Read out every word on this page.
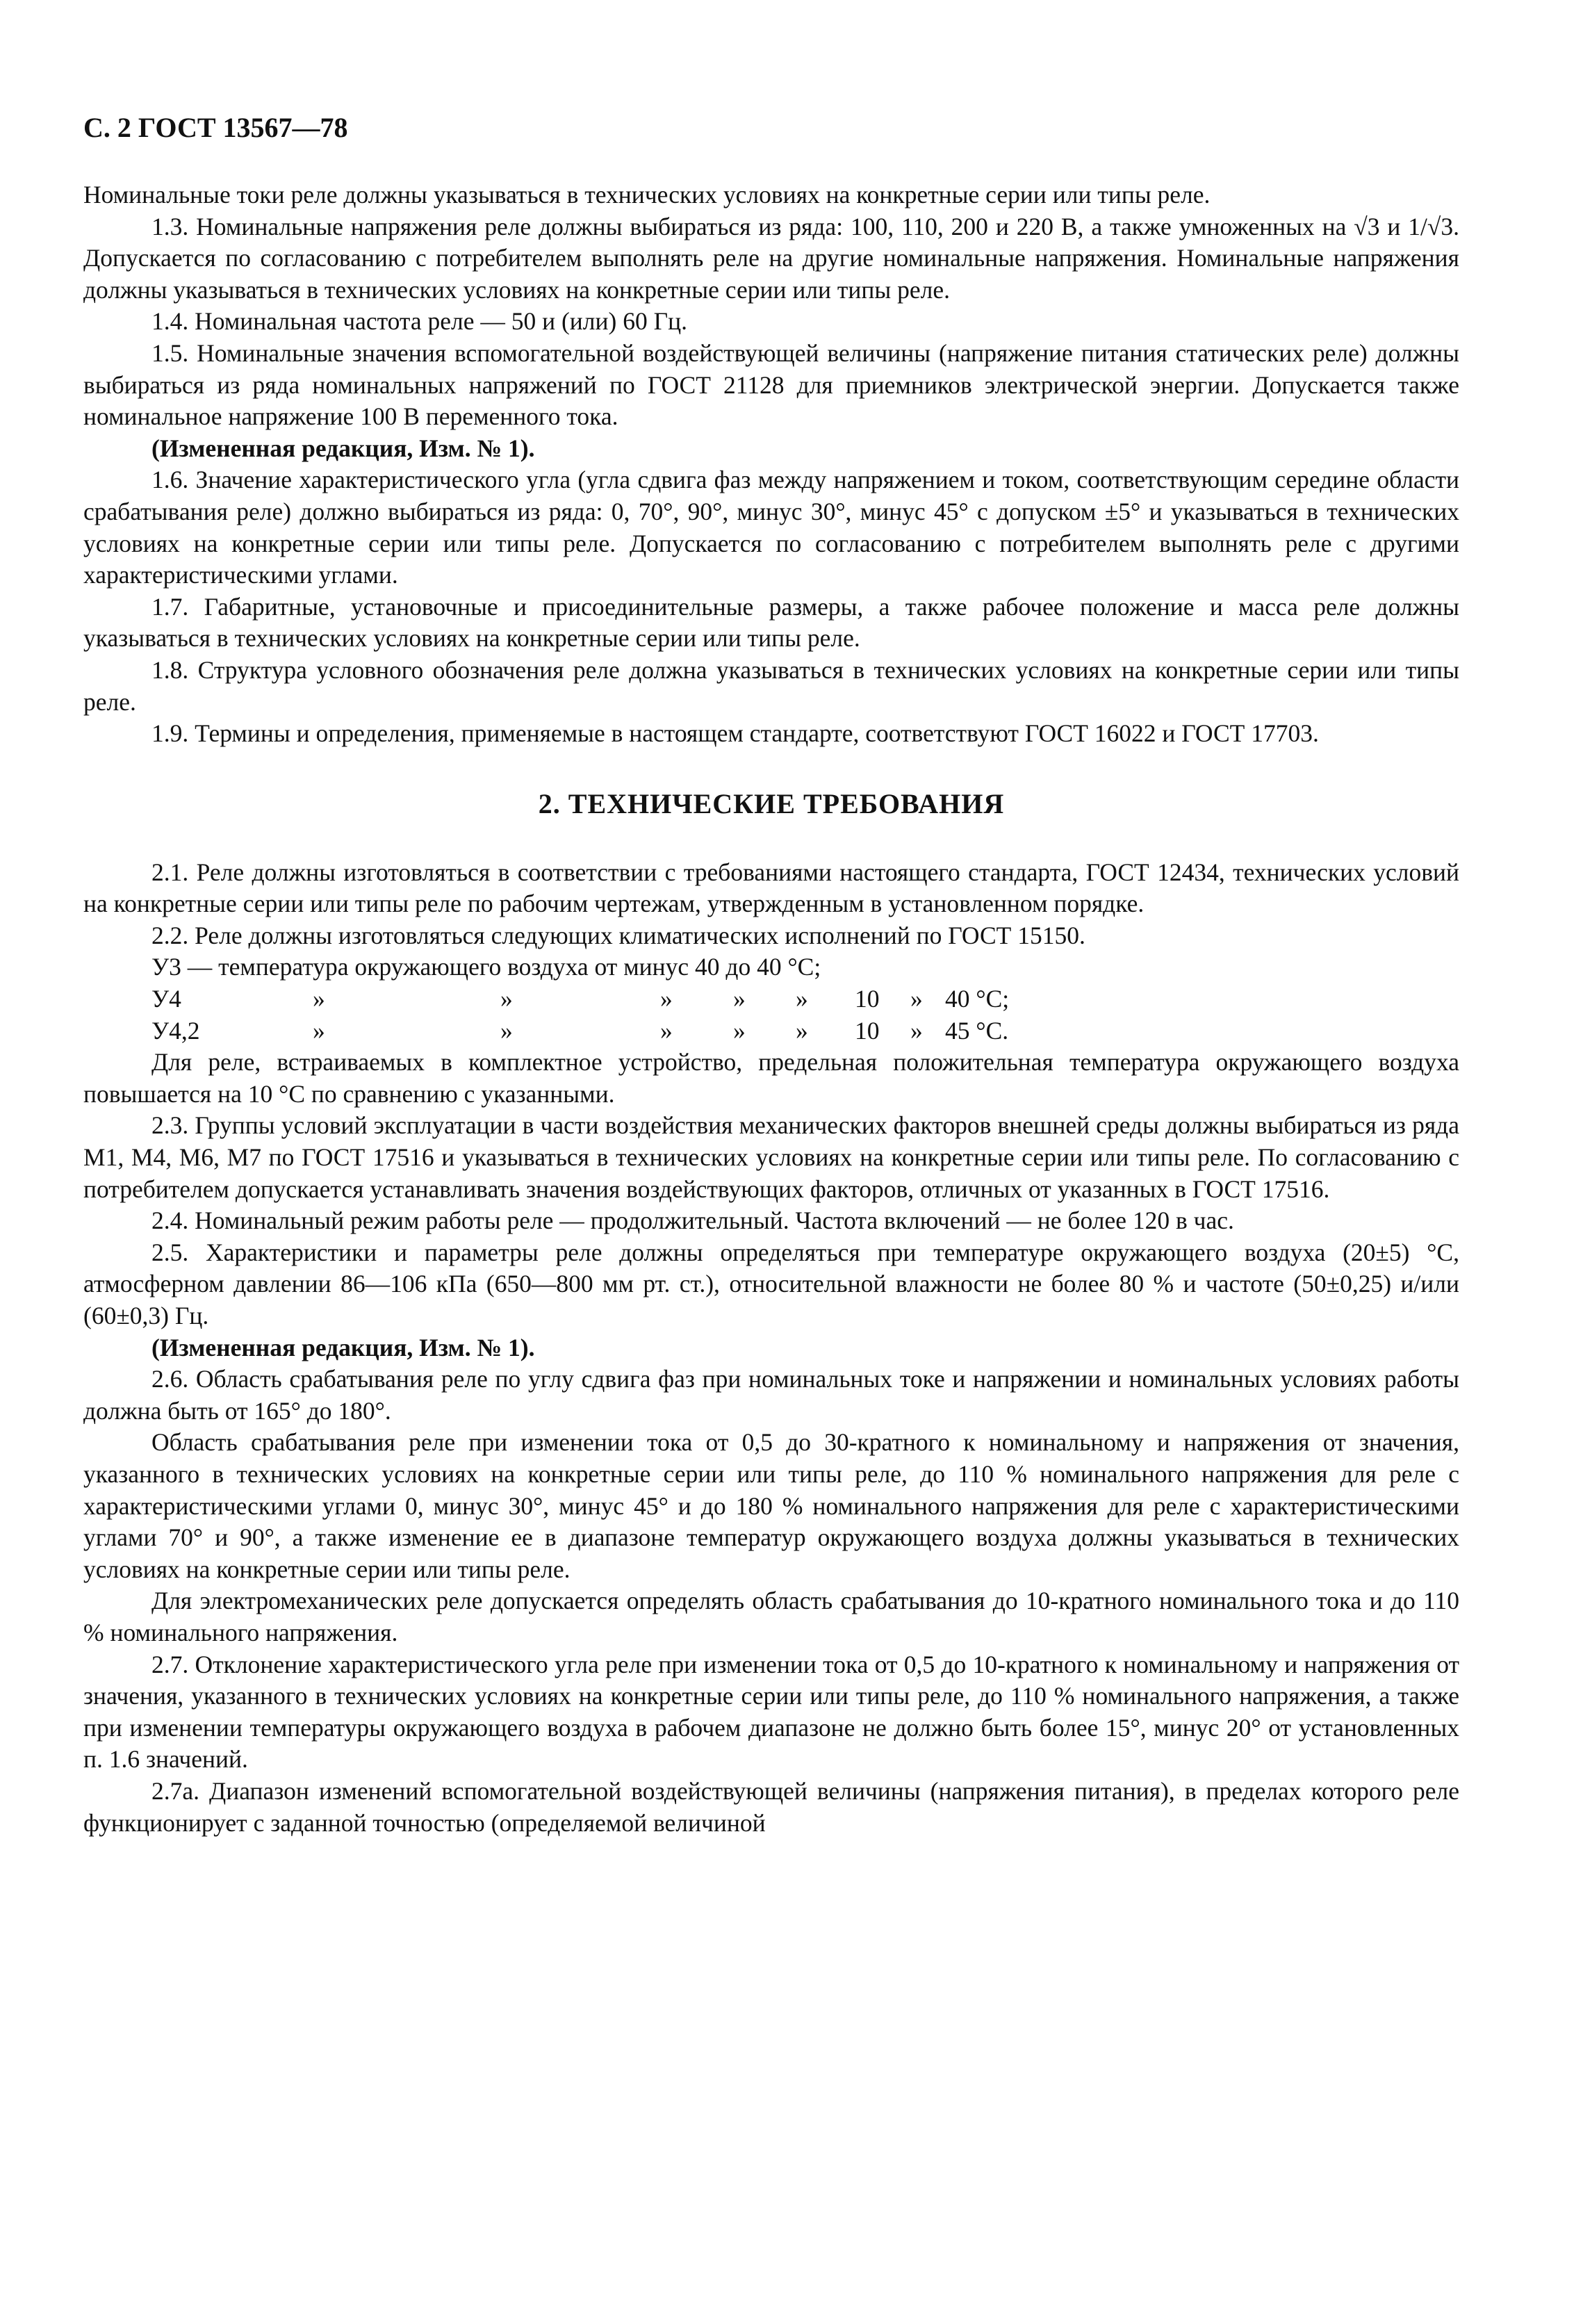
С. 2 ГОСТ 13567—78

Номинальные токи реле должны указываться в технических условиях на конкретные серии или типы реле.

1.3. Номинальные напряжения реле должны выбираться из ряда: 100, 110, 200 и 220 В, а также умноженных на √3 и 1/√3. Допускается по согласованию с потребителем выполнять реле на другие номинальные напряжения. Номинальные напряжения должны указываться в технических условиях на конкретные серии или типы реле.

1.4. Номинальная частота реле — 50 и (или) 60 Гц.

1.5. Номинальные значения вспомогательной воздействующей величины (напряжение питания статических реле) должны выбираться из ряда номинальных напряжений по ГОСТ 21128 для приемников электрической энергии. Допускается также номинальное напряжение 100 В переменного тока.

(Измененная редакция, Изм. № 1).

1.6. Значение характеристического угла (угла сдвига фаз между напряжением и током, соответствующим середине области срабатывания реле) должно выбираться из ряда: 0, 70°, 90°, минус 30°, минус 45° с допуском ±5° и указываться в технических условиях на конкретные серии или типы реле. Допускается по согласованию с потребителем выполнять реле с другими характеристическими углами.

1.7. Габаритные, установочные и присоединительные размеры, а также рабочее положение и масса реле должны указываться в технических условиях на конкретные серии или типы реле.

1.8. Структура условного обозначения реле должна указываться в технических условиях на конкретные серии или типы реле.

1.9. Термины и определения, применяемые в настоящем стандарте, соответствуют ГОСТ 16022 и ГОСТ 17703.

2. ТЕХНИЧЕСКИЕ ТРЕБОВАНИЯ

2.1. Реле должны изготовляться в соответствии с требованиями настоящего стандарта, ГОСТ 12434, технических условий на конкретные серии или типы реле по рабочим чертежам, утвержденным в установленном порядке.

2.2. Реле должны изготовляться следующих климатических исполнений по ГОСТ 15150.

У3 — температура окружающего воздуха от минус 40 до 40 °С;
У4	»	»	» » » 10 » 40 °С;
У4,2	»	»	» » » 10 » 45 °С.

Для реле, встраиваемых в комплектное устройство, предельная положительная температура окружающего воздуха повышается на 10 °С по сравнению с указанными.

2.3. Группы условий эксплуатации в части воздействия механических факторов внешней среды должны выбираться из ряда М1, М4, М6, М7 по ГОСТ 17516 и указываться в технических условиях на конкретные серии или типы реле. По согласованию с потребителем допускается устанавливать значения воздействующих факторов, отличных от указанных в ГОСТ 17516.

2.4. Номинальный режим работы реле — продолжительный. Частота включений — не более 120 в час.

2.5. Характеристики и параметры реле должны определяться при температуре окружающего воздуха (20±5) °С, атмосферном давлении 86—106 кПа (650—800 мм рт. ст.), относительной влажности не более 80 % и частоте (50±0,25) и/или (60±0,3) Гц.

(Измененная редакция, Изм. № 1).

2.6. Область срабатывания реле по углу сдвига фаз при номинальных токе и напряжении и номинальных условиях работы должна быть от 165° до 180°.

Область срабатывания реле при изменении тока от 0,5 до 30-кратного к номинальному и напряжения от значения, указанного в технических условиях на конкретные серии или типы реле, до 110 % номинального напряжения для реле с характеристическими углами 0, минус 30°, минус 45° и до 180 % номинального напряжения для реле с характеристическими углами 70° и 90°, а также изменение ее в диапазоне температур окружающего воздуха должны указываться в технических условиях на конкретные серии или типы реле.

Для электромеханических реле допускается определять область срабатывания до 10-кратного номинального тока и до 110 % номинального напряжения.

2.7. Отклонение характеристического угла реле при изменении тока от 0,5 до 10-кратного к номинальному и напряжения от значения, указанного в технических условиях на конкретные серии или типы реле, до 110 % номинального напряжения, а также при изменении температуры окружающего воздуха в рабочем диапазоне не должно быть более 15°, минус 20° от установленных п. 1.6 значений.

2.7а. Диапазон изменений вспомогательной воздействующей величины (напряжения питания), в пределах которого реле функционирует с заданной точностью (определяемой величиной
